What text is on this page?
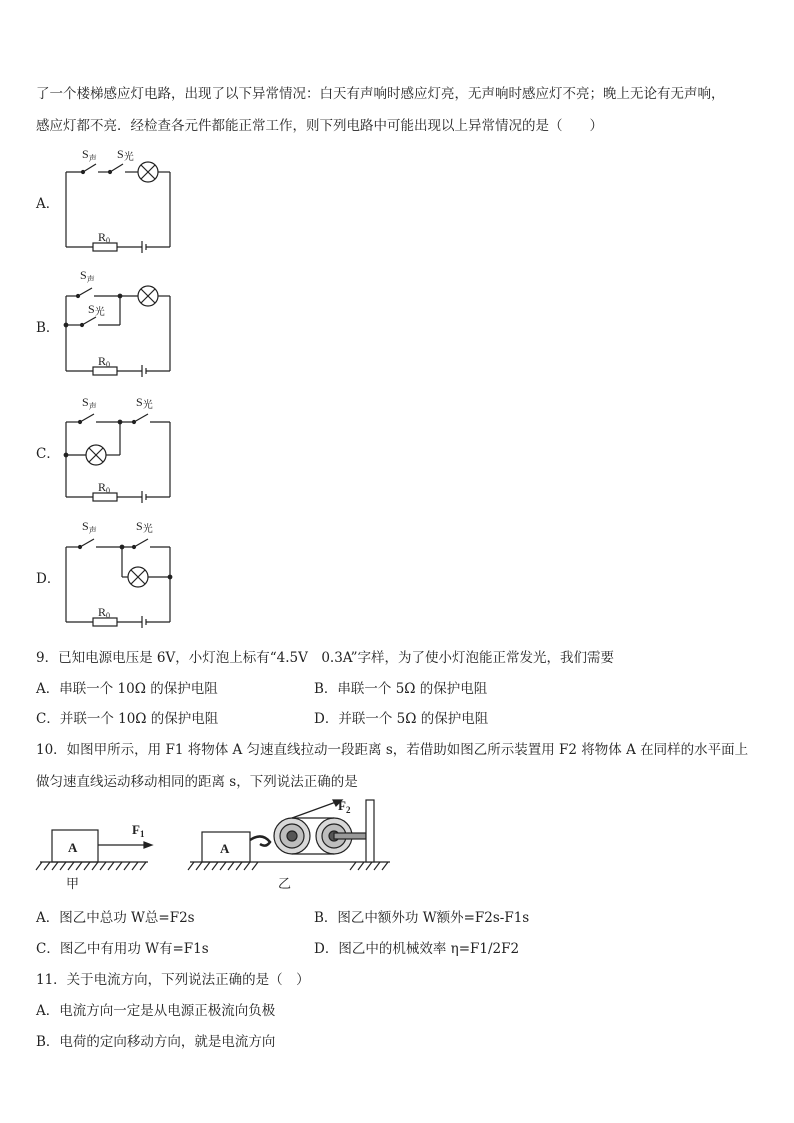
了一个楼梯感应灯电路，出现了以下异常情况：白天有声响时感应灯亮，无声响时感应灯不亮；晚上无论有无声响，
感应灯都不亮．经检查各元件都能正常工作，则下列电路中可能出现以上异常情况的是（　　）
A．
B．
C．
D．
$S_声$ S光
R0
$S_声$
S光
R0
$S_声$	S光
R0
$S_声$	S光
R0
9．已知电源电压是 6V，小灯泡上标有“4.5V　0.3A”字样，为了使小灯泡能正常发光，我们需要
A．串联一个 10Ω 的保护电阻	B．串联一个 5Ω 的保护电阻
C．并联一个 10Ω 的保护电阻	D．并联一个 5Ω 的保护电阻
10．如图甲所示，用 F1 将物体 A 匀速直线拉动一段距离 s，若借助如图乙所示装置用 F2 将物体 A 在同样的水平面上
做匀速直线运动移动相同的距离 s，下列说法正确的是
A	A
$F_1$
$F_2$
甲	乙
A．图乙中总功 W总=F2s	B．图乙中额外功 W额外=F2s-F1s
C．图乙中有用功 W有=F1s	D．图乙中的机械效率 η=F1/2F2
11．关于电流方向，下列说法正确的是（　）
A．电流方向一定是从电源正极流向负极
B．电荷的定向移动方向，就是电流方向
